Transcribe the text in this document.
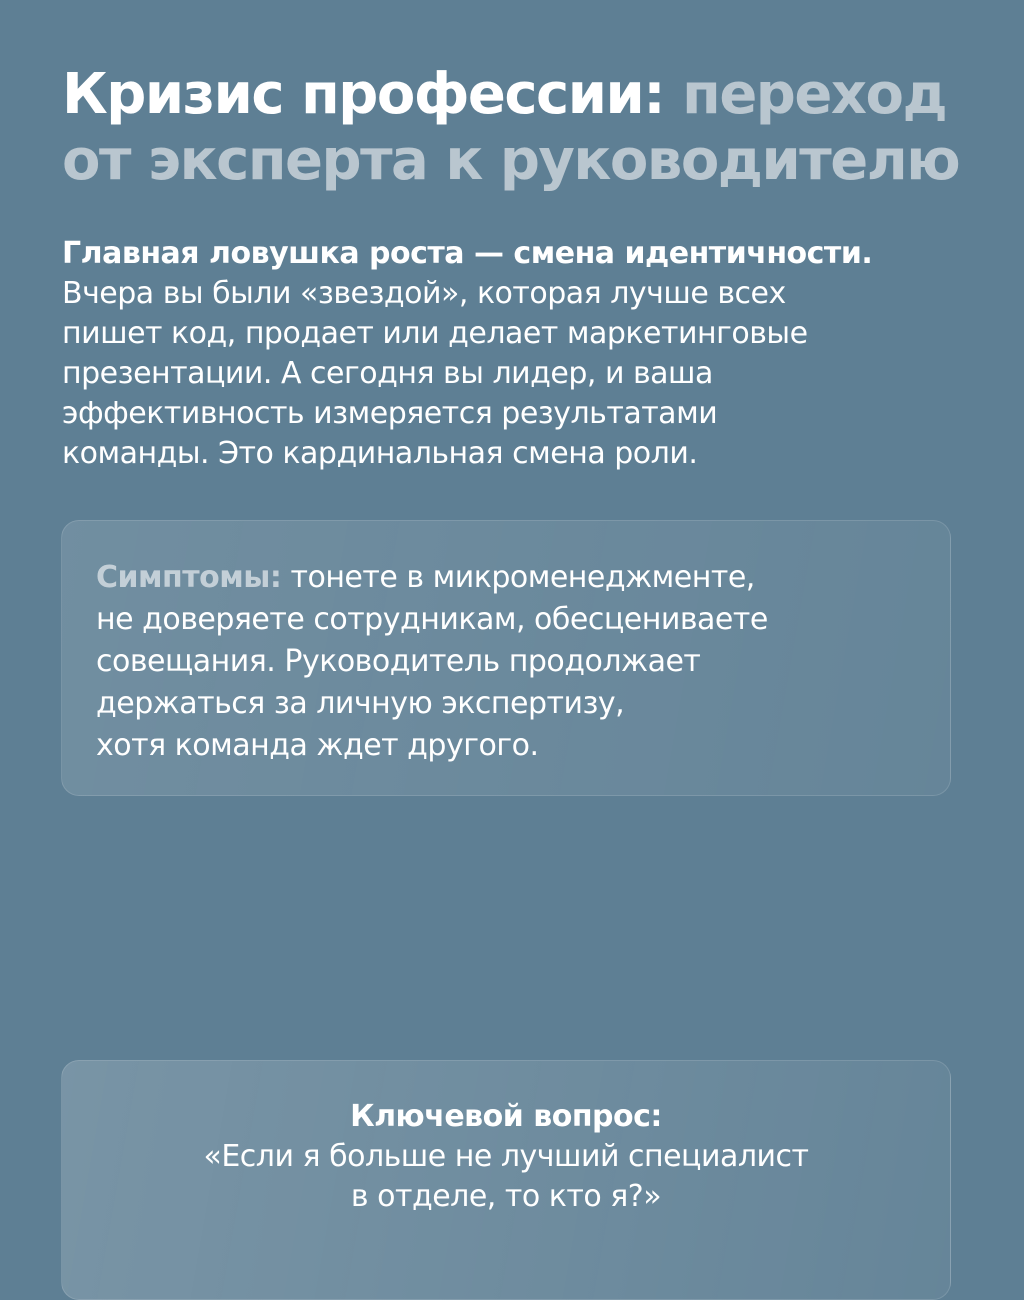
Кризис профессии: переход
от эксперта к руководителю

Главная ловушка роста — смена идентичности.
Вчера вы были «звездой», которая лучше всех
пишет код, продает или делает маркетинговые
презентации. А сегодня вы лидер, и ваша
эффективность измеряется результатами
команды. Это кардинальная смена роли.

Симптомы: тонете в микроменеджменте,
не доверяете сотрудникам, обесцениваете
совещания. Руководитель продолжает
держаться за личную экспертизу,
хотя команда ждет другого.

Ключевой вопрос:

«Если я больше не лучший специалист
в отделе, то кто я?»
